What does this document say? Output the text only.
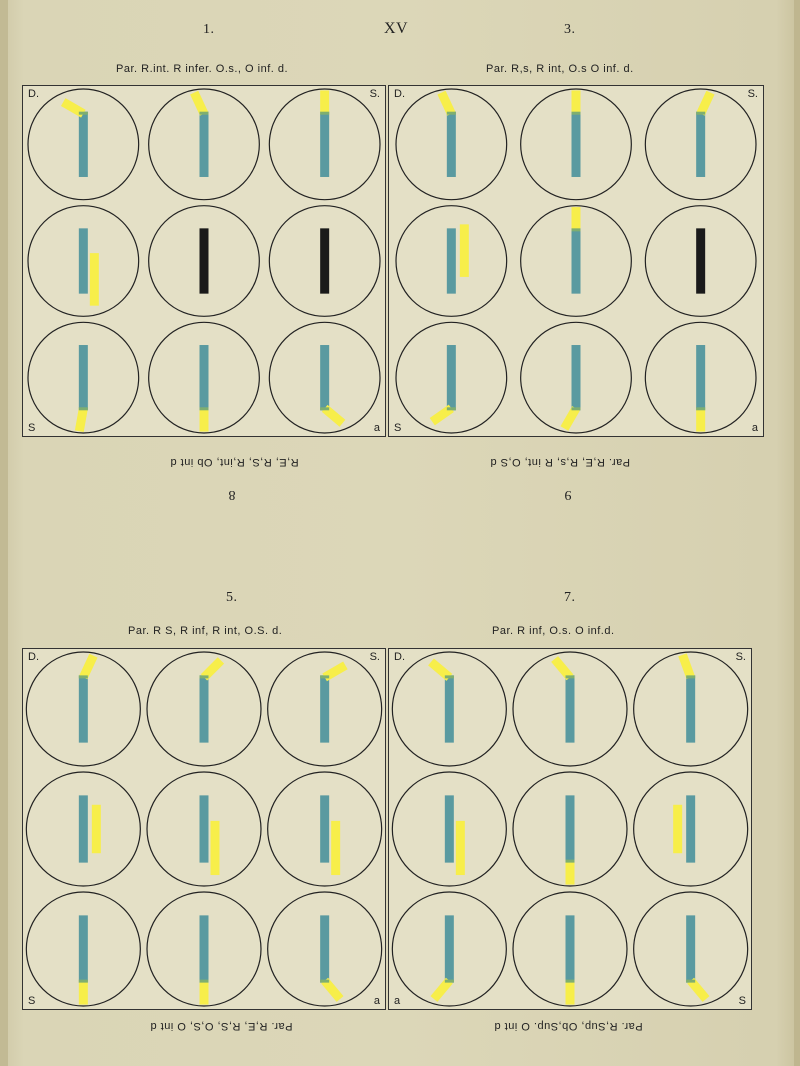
1.	XV	3.
Par. R.int. R infer. O.s., O inf. d.	Par. R,s, R int, O.s O inf. d.
D.	S.
S	a
D.	S.
S	a
R,E, R,S, R,int, Ob int d	Par. R,E, R,s, R int, O,S d
8	9
5.	7.
Par. R S, R inf, R int, O.S. d.	Par. R inf, O.s. O inf.d.
D.	S.
S	a
D.	S.
a	S
Par. R,E, R,S, O,S, O int d	Par. R,Sup, Ob,Sup. O int d
